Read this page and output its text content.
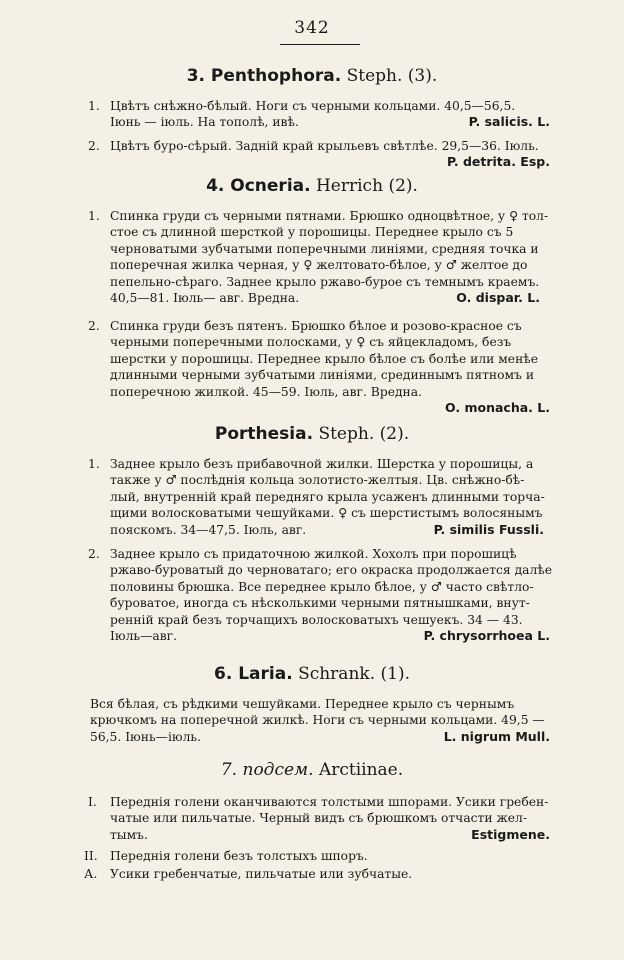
342
3. Penthophora. Steph. (3).
1. Цвѣтъ снѣжно-бѣлый. Ноги съ черными кольцами. 40,5—56,5.
Іюнь — іюль. На тополѣ, ивѣ.	P. salicis. L.
2. Цвѣтъ буро-сѣрый. Заднiй край крыльевъ свѣтлѣе. 29,5—36. Іюль.
P. detrita. Esp.

4. Ocneria. Herrich (2).
1. Спинка груди съ черными пятнами. Брюшко одноцвѣтное, у ♀ тол-
стое съ длинной шерсткой у порошицы. Переднее крыло съ 5
черноватыми зубчатыми поперечными линіями, средняя точка и
поперечная жилка черная, у ♀ желтовато-бѣлое, у ♂ желтое до
пепельно-сѣраго. Заднее крыло ржаво-бурое съ темнымъ краемъ.
40,5—81. Іюль— авг. Вредна.	O. dispar. L.
2. Спинка груди безъ пятенъ. Брюшко бѣлое и розово-красное съ
черными поперечными полосками, у ♀ съ яйцекладомъ, безъ
шерстки у порошицы. Переднее крыло бѣлое съ болѣе или менѣе
длинными черными зубчатыми линіями, срединнымъ пятномъ и
поперечною жилкой. 45—59. Іюль, авг. Вредна.
O. monacha. L.

Porthesia. Steph. (2).
1. Заднее крыло безъ прибавочной жилки. Шерстка у порошицы, а
также у ♂ послѣднія кольца золотисто-желтыя. Цв. снѣжно-бѣ-
лый, внутренній край передняго крыла усаженъ длинными торча-
щими волосковатыми чешуйками. ♀ съ шерстистымъ волосянымъ
пояскомъ. 34—47,5. Іюль, авг.	P. similis Fussli.
2. Заднее крыло съ придаточною жилкой. Хохолъ при порошицѣ
ржаво-буроватый до черноватаго; его окраска продолжается далѣе
половины брюшка. Все переднее крыло бѣлое, у ♂ часто свѣтло-
буроватое, иногда съ нѣсколькими черными пятнышками, внут-
ренній край безъ торчащихъ волосковатыхъ чешуекъ. 34 — 43.
Іюль—авг.	P. chrysorrhoea L.
6. Laria. Schrank. (1).
Вся бѣлая, съ рѣдкими чешуйками. Переднее крыло съ чернымъ
крючкомъ на поперечной жилкѣ. Ноги съ черными кольцами. 49,5 —
56,5. Іюнь—іюль.	L. nigrum Mull.
7. подсем. Arctiinae.
I.	Переднія голени оканчиваются толстыми шпорами. Усики гребен-
чатые или пильчатые. Черный видъ съ брюшкомъ отчасти жел-
тымъ.	Estigmene.
II.	Переднія голени безъ толстыхъ шпоръ.
А.	Усики гребенчатые, пильчатые или зубчатые.
